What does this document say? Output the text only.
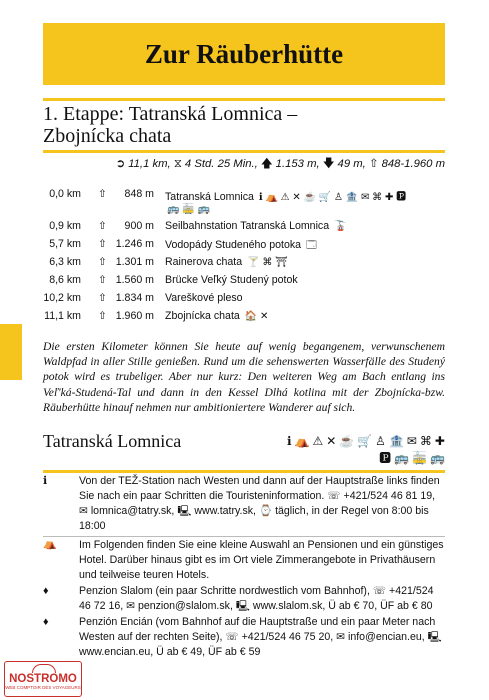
Zur Räuberhütte
1. Etappe: Tatranská Lomnica –
Zbojnícka chata
➲ 11,1 km, ⧖ 4 Std. 25 Min., 🡅 1.153 m, 🡇 49 m, ⇧ 848-1.960 m
0,0 km ⇧	848 m Tatranská Lomnica ℹ ⛺ ⚠ ✕ ☕ 🛒 ♙ 🏦 ✉ ⌘ ✚ 🅿
🚌 🚋 🚌
0,9 km ⇧	900 m Seilbahnstation Tatranská Lomnica 🚡
5,7 km ⇧ 1.246 m Vodopády Studeného potoka 🗔
6,3 km ⇧ 1.301 m Rainerova chata 🍸 ⌘ ⛩
8,6 km ⇧ 1.560 m Brücke Veľký Studený potok
10,2 km ⇧ 1.834 m Vareškové pleso
11,1 km ⇧ 1.960 m Zbojnícka chata 🏠 ✕
Die ersten Kilometer können Sie heute auf wenig begangenem, verwunschenem Waldpfad in aller Stille genießen. Rund um die sehenswerten Wasserfälle des Studený potok wird es trubeliger. Aber nur kurz: Den weiteren Weg am Bach entlang ins Veľ'ká-Studená-Tal und dann in den Kessel Dlhá kotlina mit der Zbojnícka-bzw. Räuberhütte hinauf nehmen nur ambitioniertere Wanderer auf sich.
Tatranská Lomnica	ℹ ⛺ ⚠ ✕ ☕ 🛒 ♙ 🏦 ✉ ⌘ ✚
🅿 🚌 🚋 🚌
ℹ	Von der TEŽ-Station nach Westen und dann auf der Hauptstraße links finden Sie nach ein paar Schritten die Touristeninformation. ☏ +421/524 46 81 19, ✉ lomnica@tatry.sk, 🖳 www.tatry.sk, ⌚ täglich, in der Regel von 8:00 bis 18:00
⛺ Im Folgenden finden Sie eine kleine Auswahl an Pensionen und ein günstiges Hotel. Darüber hinaus gibt es im Ort viele Zimmerangebote in Privathäusern und teilweise teuren Hotels.
♦	Penzion Slalom (ein paar Schritte nordwestlich vom Bahnhof), ☏ +421/524 46 72 16, ✉ penzion@slalom.sk, 🖳 www.slalom.sk, Ü ab € 70, ÜF ab € 80
♦	Penzión Encián (vom Bahnhof auf die Hauptstraße und ein paar Meter nach Westen auf der rechten Seite), ☏ +421/524 46 75 20, ✉ info@encian.eu, 🖳 www.encian.eu, Ü ab € 49, ÜF ab € 59
NOSTROMO
WEB COMPTOIR DES VOYAGEURS
